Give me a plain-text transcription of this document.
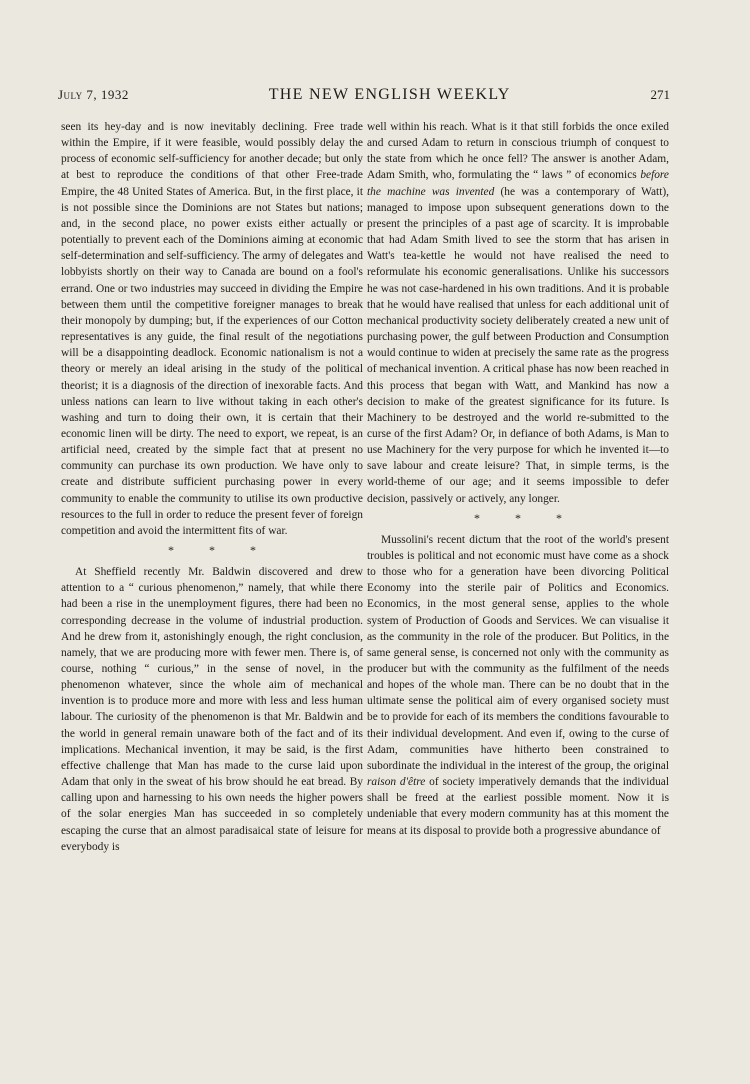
July 7, 1932	THE NEW ENGLISH WEEKLY	271

seen its hey-day and is now inevitably declining. Free trade within the Empire, if it were feasible, would possibly delay the process of economic self-sufficiency for another decade; but only at best to reproduce the conditions of that other Free-trade Empire, the 48 United States of America. But, in the first place, it is not possible since the Dominions are not States but nations; and, in the second place, no power exists either actually or potentially to prevent each of the Dominions aiming at economic self-determination and self-sufficiency. The army of delegates and lobbyists shortly on their way to Canada are bound on a fool's errand. One or two industries may succeed in dividing the Empire between them until the competitive foreigner manages to break their monopoly by dumping; but, if the experiences of our Cotton representatives is any guide, the final result of the negotiations will be a disappointing deadlock. Economic nationalism is not a theory or merely an ideal arising in the study of the political theorist; it is a diagnosis of the direction of inexorable facts. And unless nations can learn to live without taking in each other's washing and turn to doing their own, it is certain that their economic linen will be dirty. The need to export, we repeat, is an artificial need, created by the simple fact that at present no community can purchase its own production. We have only to create and distribute sufficient purchasing power in every community to enable the community to utilise its own productive resources to the full in order to reduce the present fever of foreign competition and avoid the intermittent fits of war.

* * *

At Sheffield recently Mr. Baldwin discovered and drew attention to a “ curious phenomenon,” namely, that while there had been a rise in the unemployment figures, there had been no corresponding decrease in the volume of industrial production. And he drew from it, astonishingly enough, the right conclusion, namely, that we are producing more with fewer men. There is, of course, nothing “ curious,” in the sense of novel, in the phenomenon whatever, since the whole aim of mechanical invention is to produce more and more with less and less human labour. The curiosity of the phenomenon is that Mr. Baldwin and the world in general remain unaware both of the fact and of its implications. Mechanical invention, it may be said, is the first effective challenge that Man has made to the curse laid upon Adam that only in the sweat of his brow should he eat bread. By calling upon and harnessing to his own needs the higher powers of the solar energies Man has succeeded in so completely escaping the curse that an almost paradisaical state of leisure for everybody is

well within his reach. What is it that still forbids the once exiled and cursed Adam to return in conscious triumph of conquest to the state from which he once fell? The answer is another Adam, Adam Smith, who, formulating the “ laws ” of economics before the machine was invented (he was a contemporary of Watt), managed to impose upon subsequent generations down to the present the principles of a past age of scarcity. It is improbable that had Adam Smith lived to see the storm that has arisen in Watt's tea-kettle he would not have realised the need to reformulate his economic generalisations. Unlike his successors he was not case-hardened in his own traditions. And it is probable that he would have realised that unless for each additional unit of mechanical productivity society deliberately created a new unit of purchasing power, the gulf between Production and Consumption would continue to widen at precisely the same rate as the progress of mechanical invention. A critical phase has now been reached in this process that began with Watt, and Mankind has now a decision to make of the greatest significance for its future. Is Machinery to be destroyed and the world re-submitted to the curse of the first Adam? Or, in defiance of both Adams, is Man to use Machinery for the very purpose for which he invented it—to save labour and create leisure? That, in simple terms, is the world-theme of our age; and it seems impossible to defer decision, passively or actively, any longer.

* * *

Mussolini's recent dictum that the root of the world's present troubles is political and not economic must have come as a shock to those who for a generation have been divorcing Political Economy into the sterile pair of Politics and Economics. Economics, in the most general sense, applies to the whole system of Production of Goods and Services. We can visualise it as the community in the role of the producer. But Politics, in the same general sense, is concerned not only with the community as producer but with the community as the fulfilment of the needs and hopes of the whole man. There can be no doubt that in the ultimate sense the political aim of every organised society must be to provide for each of its members the conditions favourable to their individual development. And even if, owing to the curse of Adam, communities have hitherto been constrained to subordinate the individual in the interest of the group, the original raison d'être of society imperatively demands that the individual shall be freed at the earliest possible moment. Now it is undeniable that every modern community has at this moment the means at its disposal to provide both a progressive abundance of
